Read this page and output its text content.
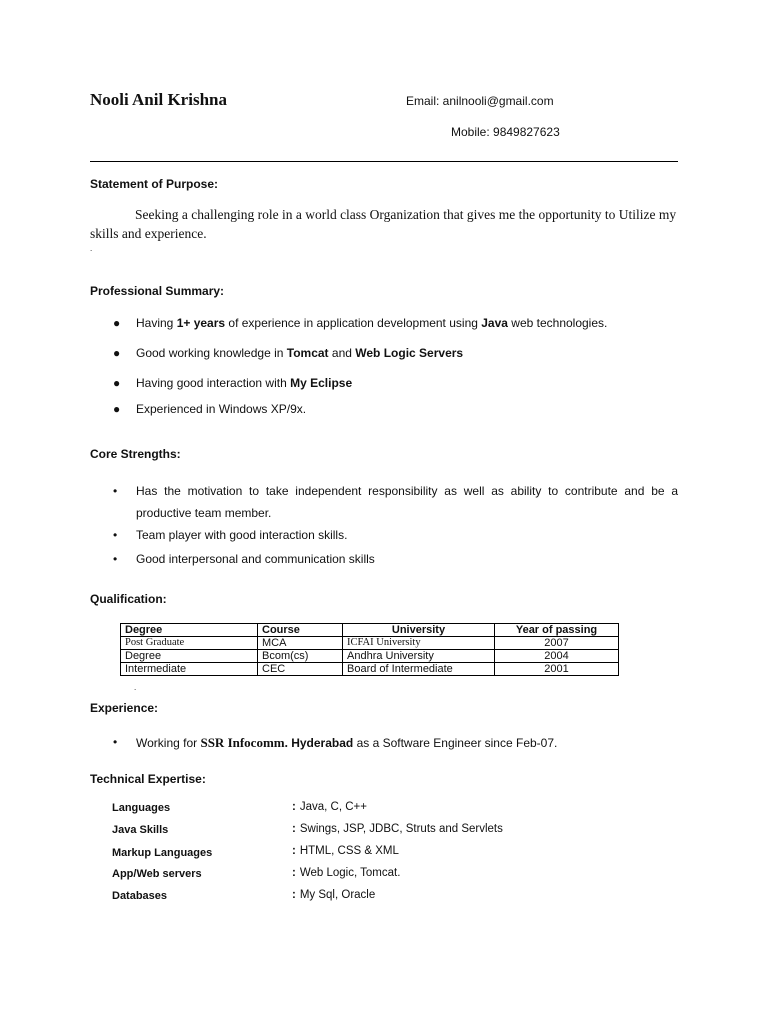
Nooli Anil Krishna	Email: anilnooli@gmail.com
Mobile: 9849827623
Statement of Purpose:
Seeking a challenging role in a world class Organization that gives me the opportunity to Utilize my skills and experience.
.
Professional Summary:
● Having 1+ years of experience in application development using Java web technologies.
● Good working knowledge in Tomcat and Web Logic Servers
● Having good interaction with My Eclipse
● Experienced in Windows XP/9x.
Core Strengths:
• Has the motivation to take independent responsibility as well as ability to contribute and be a productive team member.
• Team player with good interaction skills.
• Good interpersonal and communication skills
Qualification:
Degree	Course	University	Year of passing
Post Graduate	MCA	ICFAI University	2007
Degree	Bcom(cs)	Andhra University	2004
Intermediate	CEC	Board of Intermediate	2001
.
Experience:
• Working for SSR Infocomm. Hyderabad as a Software Engineer since Feb-07.
Technical Expertise:
Languages	: Java, C, C++
Java Skills	: Swings, JSP, JDBC, Struts and Servlets
Markup Languages	: HTML, CSS & XML
App/Web servers	: Web Logic, Tomcat.
Databases	: My Sql, Oracle
